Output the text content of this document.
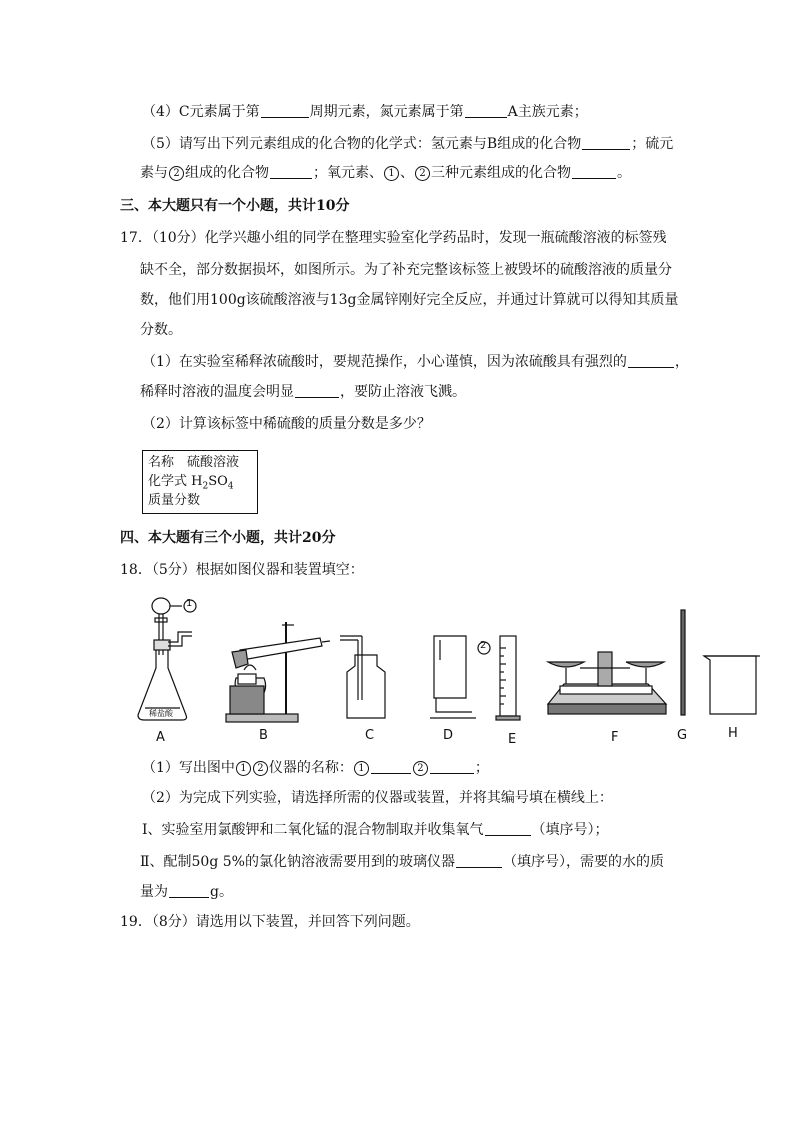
（4）C元素属于第	周期元素，氮元素属于第	A主族元素；
（5）请写出下列元素组成的化合物的化学式：氢元素与B组成的化合物	；硫元
素与 2 组成的化合物	；氧元素、 1 、 2 三种元素组成的化合物	。
三、本大题只有一个小题，共计10分
17．（10分）化学兴趣小组的同学在整理实验室化学药品时，发现一瓶硫酸溶液的标签残
缺不全，部分数据损坏，如图所示。为了补充完整该标签上被毁坏的硫酸溶液的质量分
数，他们用100g该硫酸溶液与13g金属锌刚好完全反应，并通过计算就可以得知其质量
分数。
（1）在实验室稀释浓硫酸时，要规范操作，小心谨慎，因为浓硫酸具有强烈的	，
稀释时溶液的温度会明显	，要防止溶液飞溅。
（2）计算该标签中稀硫酸的质量分数是多少？
名称　硫酸溶液
化学式 $H_2SO_4$
质量分数
四、本大题有三个小题，共计20分
18．（5分）根据如图仪器和装置填空：
稀盐酸
1
2
A	B	C	D	E	F	G	H
（1）写出图中 1 2 仪器的名称： 1	2	；
（2）为完成下列实验，请选择所需的仪器或装置，并将其编号填在横线上：
Ⅰ、实验室用氯酸钾和二氧化锰的混合物制取并收集氧气	（填序号）；
Ⅱ、配制50g 5%的氯化钠溶液需要用到的玻璃仪器	（填序号），需要的水的质
量为	g。
19．（8分）请选用以下装置，并回答下列问题。
